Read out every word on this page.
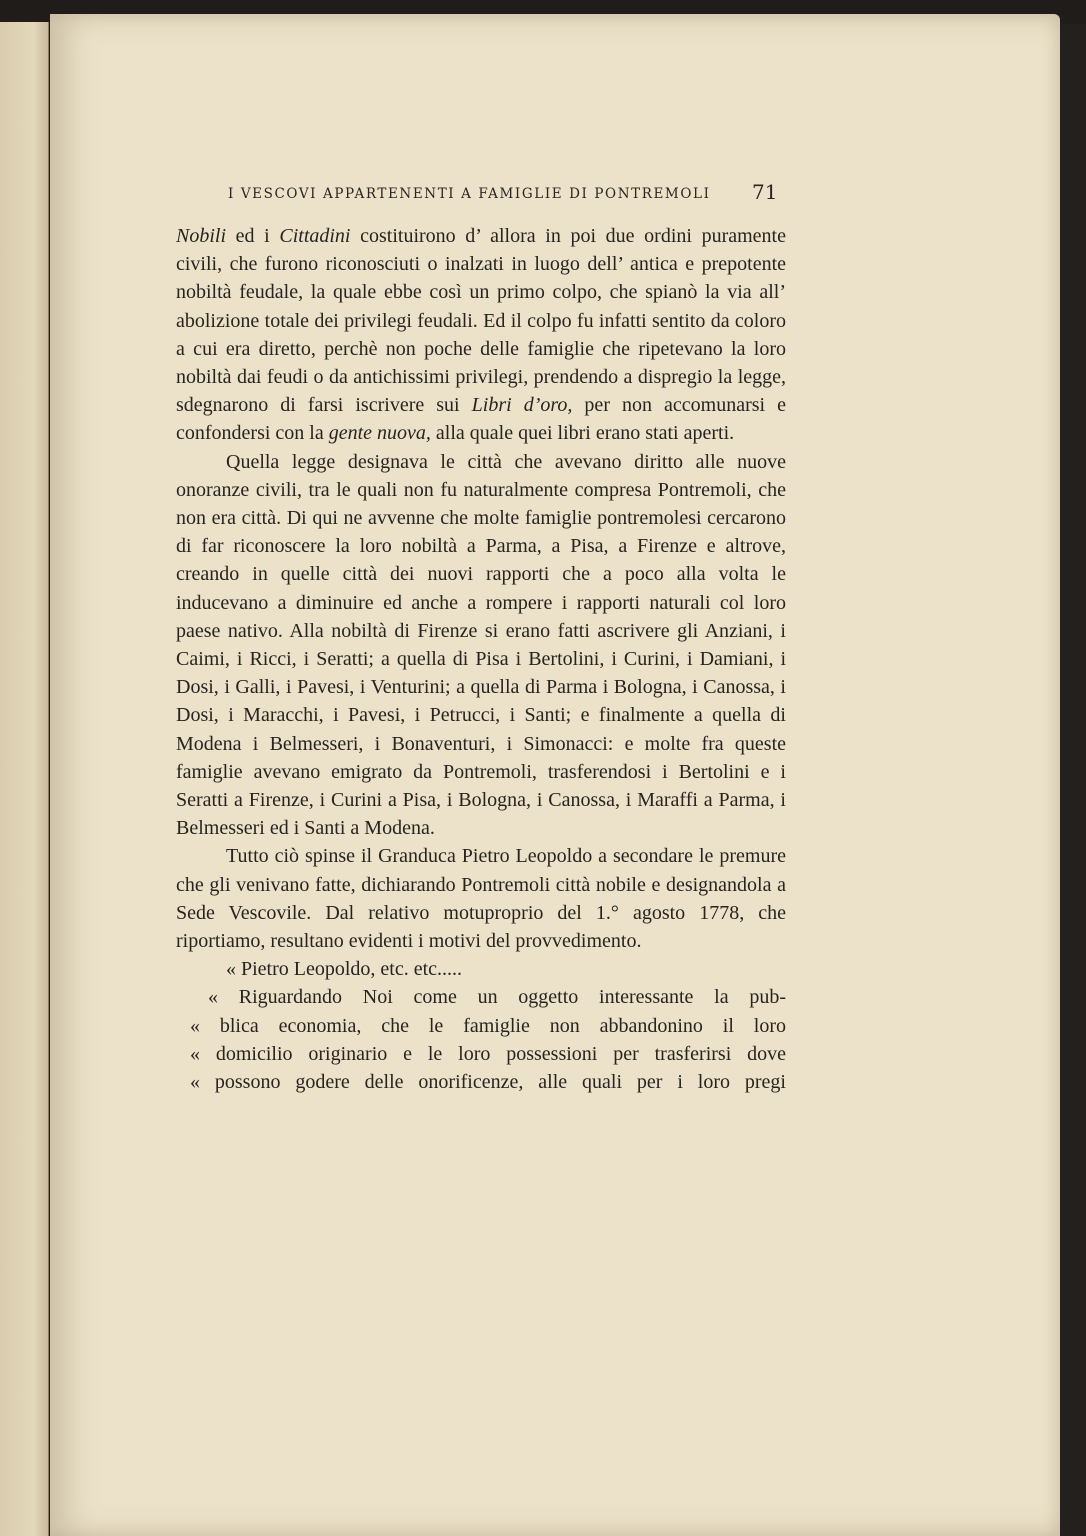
I VESCOVI APPARTENENTI A FAMIGLIE DI PONTREMOLI	71

Nobili ed i Cittadini costituirono d’ allora in poi due ordini puramente civili, che furono riconosciuti o inalzati in luogo dell’ antica e prepotente nobiltà feudale, la quale ebbe così un primo colpo, che spianò la via all’ abolizione totale dei privilegi feudali. Ed il colpo fu infatti sentito da coloro a cui era diretto, perchè non poche delle famiglie che ripetevano la loro nobiltà dai feudi o da antichissimi privilegi, prendendo a dispregio la legge, sdegnarono di farsi iscrivere sui Libri d’oro, per non accomunarsi e confondersi con la gente nuova, alla quale quei libri erano stati aperti.

Quella legge designava le città che avevano diritto alle nuove onoranze civili, tra le quali non fu naturalmente compresa Pontremoli, che non era città. Di qui ne avvenne che molte famiglie pontremolesi cercarono di far riconoscere la loro nobiltà a Parma, a Pisa, a Firenze e altrove, creando in quelle città dei nuovi rapporti che a poco alla volta le inducevano a diminuire ed anche a rompere i rapporti naturali col loro paese nativo. Alla nobiltà di Firenze si erano fatti ascrivere gli Anziani, i Caimi, i Ricci, i Seratti; a quella di Pisa i Bertolini, i Curini, i Damiani, i Dosi, i Galli, i Pavesi, i Venturini; a quella di Parma i Bologna, i Canossa, i Dosi, i Maracchi, i Pavesi, i Petrucci, i Santi; e finalmente a quella di Modena i Belmesseri, i Bonaventuri, i Simonacci: e molte fra queste famiglie avevano emigrato da Pontremoli, trasferendosi i Bertolini e i Seratti a Firenze, i Curini a Pisa, i Bologna, i Canossa, i Maraffi a Parma, i Belmesseri ed i Santi a Modena.

Tutto ciò spinse il Granduca Pietro Leopoldo a secondare le premure che gli venivano fatte, dichiarando Pontremoli città nobile e designandola a Sede Vescovile. Dal relativo motuproprio del 1.° agosto 1778, che riportiamo, resultano evidenti i motivi del provvedimento.

« Pietro Leopoldo, etc. etc.....

« Riguardando Noi come un oggetto interessante la pub-
« blica economia, che le famiglie non abbandonino il loro
« domicilio originario e le loro possessioni per trasferirsi dove
« possono godere delle onorificenze, alle quali per i loro pregi
